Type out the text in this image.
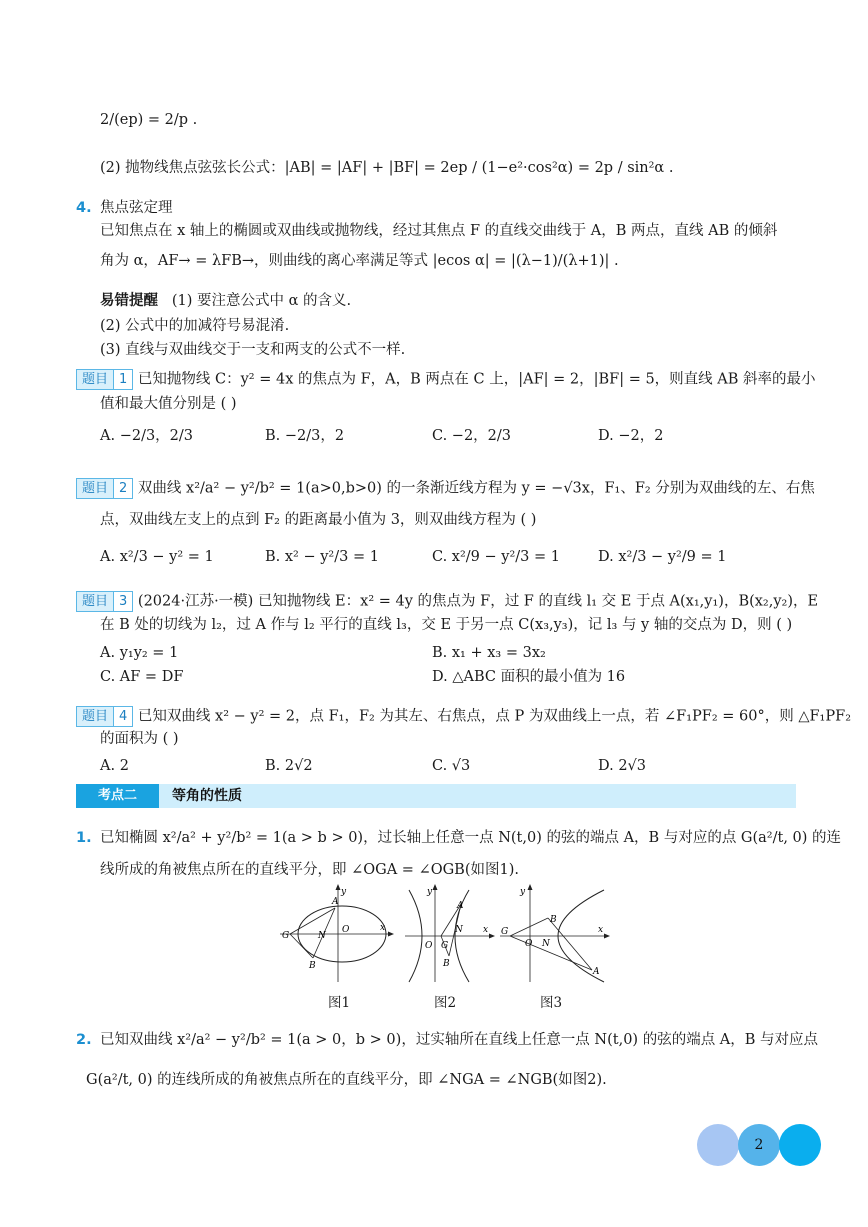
2/(ep) = 2/p .
(2) 抛物线焦点弦弦长公式：|AB| = |AF| + |BF| = 2ep / (1−e²·cos²α) = 2p / sin²α .
4. 焦点弦定理
已知焦点在 x 轴上的椭圆或双曲线或抛物线，经过其焦点 F 的直线交曲线于 A，B 两点，直线 AB 的倾斜
角为 α，AF→ = λFB→，则曲线的离心率满足等式 |ecos α| = |(λ−1)/(λ+1)| .
易错提醒 (1) 要注意公式中 α 的含义.
(2) 公式中的加减符号易混淆.
(3) 直线与双曲线交于一支和两支的公式不一样.
题目 1 已知抛物线 C：y² = 4x 的焦点为 F，A，B 两点在 C 上，|AF| = 2，|BF| = 5，则直线 AB 斜率的最小
值和最大值分别是 ( )
A. −2/3，2/3	B. −2/3，2	C. −2，2/3	D. −2，2
题目 2 双曲线 x²/a² − y²/b² = 1(a>0,b>0) 的一条渐近线方程为 y = −√3x，F₁、F₂ 分别为双曲线的左、右焦
点，双曲线左支上的点到 F₂ 的距离最小值为 3，则双曲线方程为 ( )
A. x²/3 − y² = 1	B. x² − y²/3 = 1	C. x²/9 − y²/3 = 1	D. x²/3 − y²/9 = 1
题目 3 (2024·江苏·一模) 已知抛物线 E：x² = 4y 的焦点为 F，过 F 的直线 l₁ 交 E 于点 A(x₁,y₁)，B(x₂,y₂)，E
在 B 处的切线为 l₂，过 A 作与 l₂ 平行的直线 l₃，交 E 于另一点 C(x₃,y₃)，记 l₃ 与 y 轴的交点为 D，则 ( )
A. y₁y₂ = 1	B. x₁ + x₃ = 3x₂
C. AF = DF	D. △ABC 面积的最小值为 16
题目 4 已知双曲线 x² − y² = 2，点 F₁，F₂ 为其左、右焦点，点 P 为双曲线上一点，若 ∠F₁PF₂ = 60°，则 △F₁PF₂
的面积为 ( )
A. 2	B. 2√2	C. √3	D. 2√3
考点二	等角的性质
1. 已知椭圆 x²/a² + y²/b² = 1(a > b > 0)，过长轴上任意一点 N(t,0) 的弦的端点 A，B 与对应的点 G(a²/t, 0) 的连
线所成的角被焦点所在的直线平分，即 ∠OGA = ∠OGB(如图1).
G	N
O	x
y
A
B
O G
N x
y
A
B
G
O N
B
A
x
y
图1	图2	图3
2. 已知双曲线 x²/a² − y²/b² = 1(a > 0，b > 0)，过实轴所在直线上任意一点 N(t,0) 的弦的端点 A，B 与对应点
G(a²/t, 0) 的连线所成的角被焦点所在的直线平分，即 ∠NGA = ∠NGB(如图2).
2
